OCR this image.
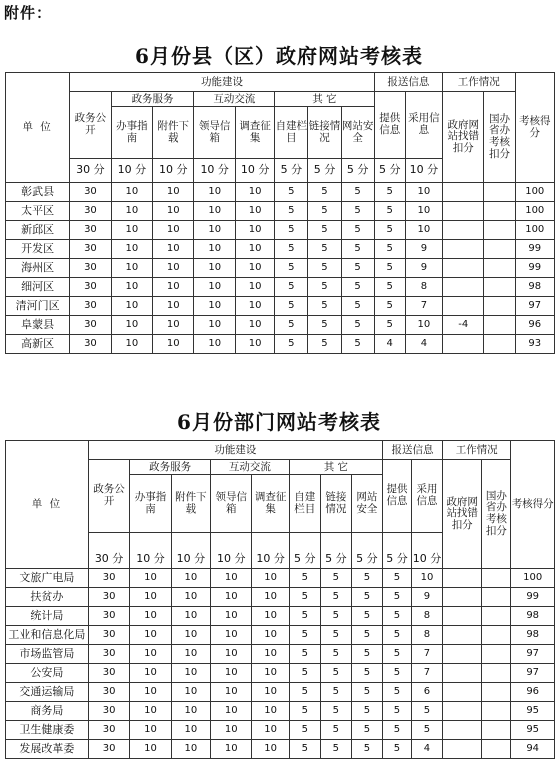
附件：
6月份县（区）政府网站考核表
单 位	功能建设								报送信息		工作情况		考核得分
	政务公开	政务服务		互动交流		其 它			提供信息	采用信息	政府网站找错扣分	国办省办考核扣分	
		办事指南	附件下载	领导信箱	调查征集	自建栏目	链接情况	网站安全					
	30 分	10 分	10 分	10 分	10 分	5 分	5 分	5 分	5 分	10 分			
彰武县	30	10	10	10	10	5	5	5	5	10			100
太平区	30	10	10	10	10	5	5	5	5	10			100
新邱区	30	10	10	10	10	5	5	5	5	10			100
开发区	30	10	10	10	10	5	5	5	5	9			99
海州区	30	10	10	10	10	5	5	5	5	9			99
细河区	30	10	10	10	10	5	5	5	5	8			98
清河门区	30	10	10	10	10	5	5	5	5	7			97
阜蒙县	30	10	10	10	10	5	5	5	5	10	-4		96
高新区	30	10	10	10	10	5	5	5	4	4			93
6月份部门网站考核表
单 位	功能建设								报送信息		工作情况		考核得分
	政务公开	政务服务		互动交流		其 它			提供信息	采用信息	政府网站找错扣分	国办省办考核扣分	
		办事指南	附件下载	领导信箱	调查征集	自建栏目	链接情况	网站安全					
	30 分	10 分	10 分	10 分	10 分	5 分	5 分	5 分	5 分	10 分			
文旅广电局	30	10	10	10	10	5	5	5	5	10			100
扶贫办	30	10	10	10	10	5	5	5	5	9			99
统计局	30	10	10	10	10	5	5	5	5	8			98
工业和信息化局	30	10	10	10	10	5	5	5	5	8			98
市场监管局	30	10	10	10	10	5	5	5	5	7			97
公安局	30	10	10	10	10	5	5	5	5	7			97
交通运输局	30	10	10	10	10	5	5	5	5	6			96
商务局	30	10	10	10	10	5	5	5	5	5			95
卫生健康委	30	10	10	10	10	5	5	5	5	5			95
发展改革委	30	10	10	10	10	5	5	5	5	4			94
